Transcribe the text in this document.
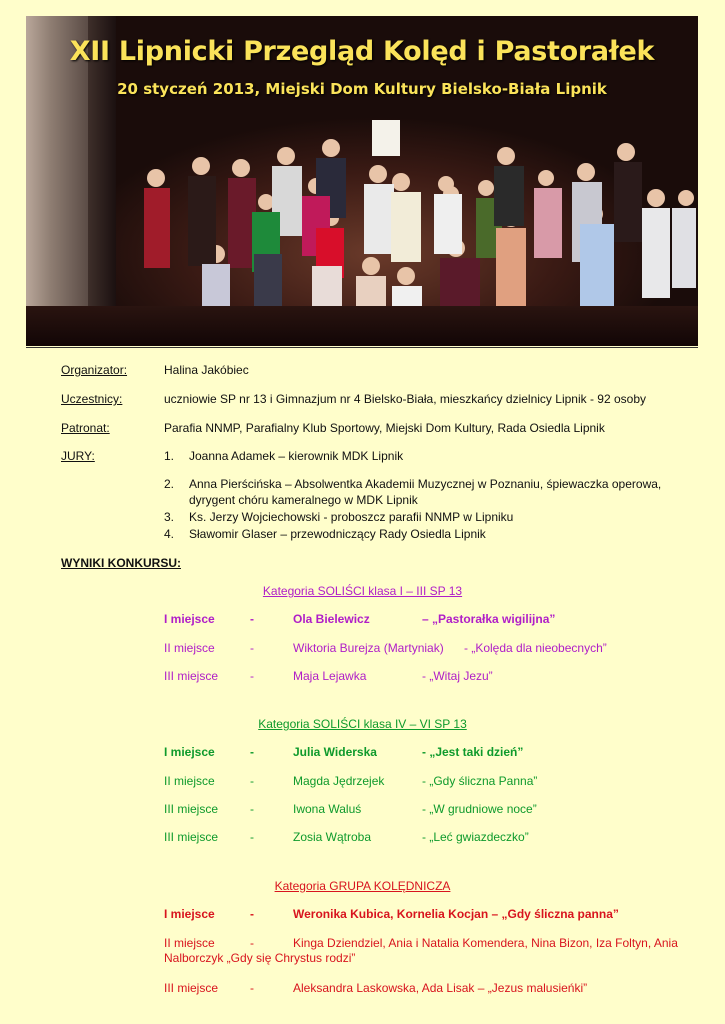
XII Lipnicki Przegląd Kolęd i Pastorałek
20 styczeń 2013, Miejski Dom Kultury Bielsko-Biała Lipnik
Organizator:	Halina Jakóbiec
Uczestnicy:	uczniowie SP nr 13 i Gimnazjum nr 4 Bielsko-Biała, mieszkańcy dzielnicy Lipnik - 92 osoby
Patronat:	Parafia NNMP, Parafialny Klub Sportowy, Miejski Dom Kultury, Rada Osiedla Lipnik
JURY:	1. Joanna Adamek – kierownik MDK Lipnik
2. Anna Pierścińska – Absolwentka Akademii Muzycznej w Poznaniu, śpiewaczka operowa, dyrygent chóru kameralnego w MDK Lipnik
3. Ks. Jerzy Wojciechowski - proboszcz parafii NNMP w Lipniku
4. Sławomir Glaser – przewodniczący Rady Osiedla Lipnik
WYNIKI KONKURSU:
Kategoria SOLIŚCI klasa I – III SP 13
I miejsce	-	Ola Bielewicz	– „Pastorałka wigilijna”
II miejsce	-	Wiktoria Burejza (Martyniak) - „Kolęda dla nieobecnych”
III miejsce	-	Maja Lejawka	- „Witaj Jezu”
Kategoria SOLIŚCI klasa IV – VI SP 13
I miejsce	-	Julia Widerska	- „Jest taki dzień”
II miejsce	-	Magda Jędrzejek	- „Gdy śliczna Panna”
III miejsce	-	Iwona Waluś	- „W grudniowe noce”
III miejsce	-	Zosia Wątroba	- „Leć gwiazdeczko”
Kategoria GRUPA KOLĘDNICZA
I miejsce	-	Weronika Kubica, Kornelia Kocjan – „Gdy śliczna panna”
II miejsce	-	Kinga Dziendziel, Ania i Natalia Komendera, Nina Bizon, Iza Foltyn, Ania
Nalborczyk „Gdy się Chrystus rodzi”
III miejsce	-	Aleksandra Laskowska, Ada Lisak – „Jezus malusieńki”
